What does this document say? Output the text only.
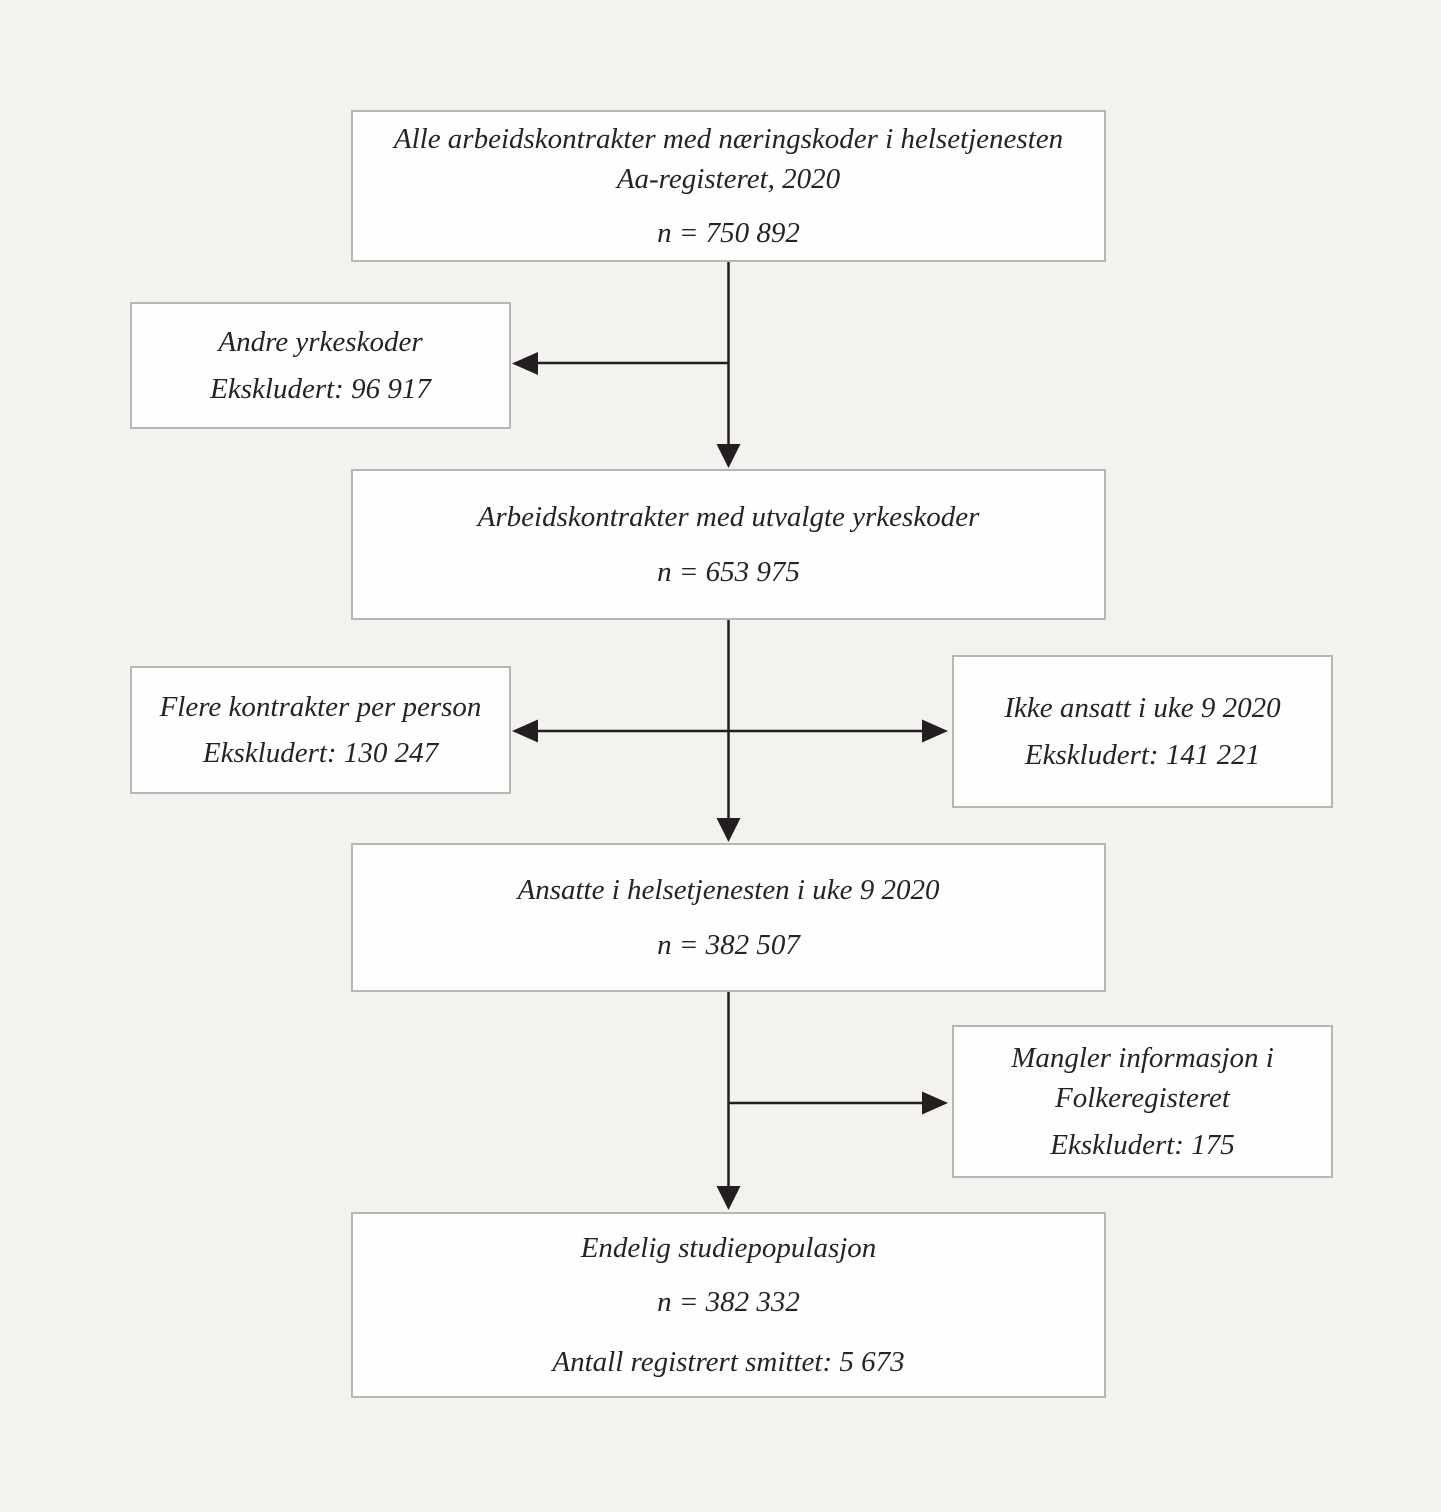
Alle arbeidskontrakter med næringskoder i helsetjenesten
Aa-registeret, 2020

n = 750 892

Andre yrkeskoder

Ekskludert: 96 917

Arbeidskontrakter med utvalgte yrkeskoder

n = 653 975

Flere kontrakter per person

Ekskludert: 130 247

Ikke ansatt i uke 9 2020

Ekskludert: 141 221

Ansatte i helsetjenesten i uke 9 2020

n = 382 507

Mangler informasjon i
Folkeregisteret

Ekskludert: 175

Endelig studiepopulasjon

n = 382 332

Antall registrert smittet: 5 673
